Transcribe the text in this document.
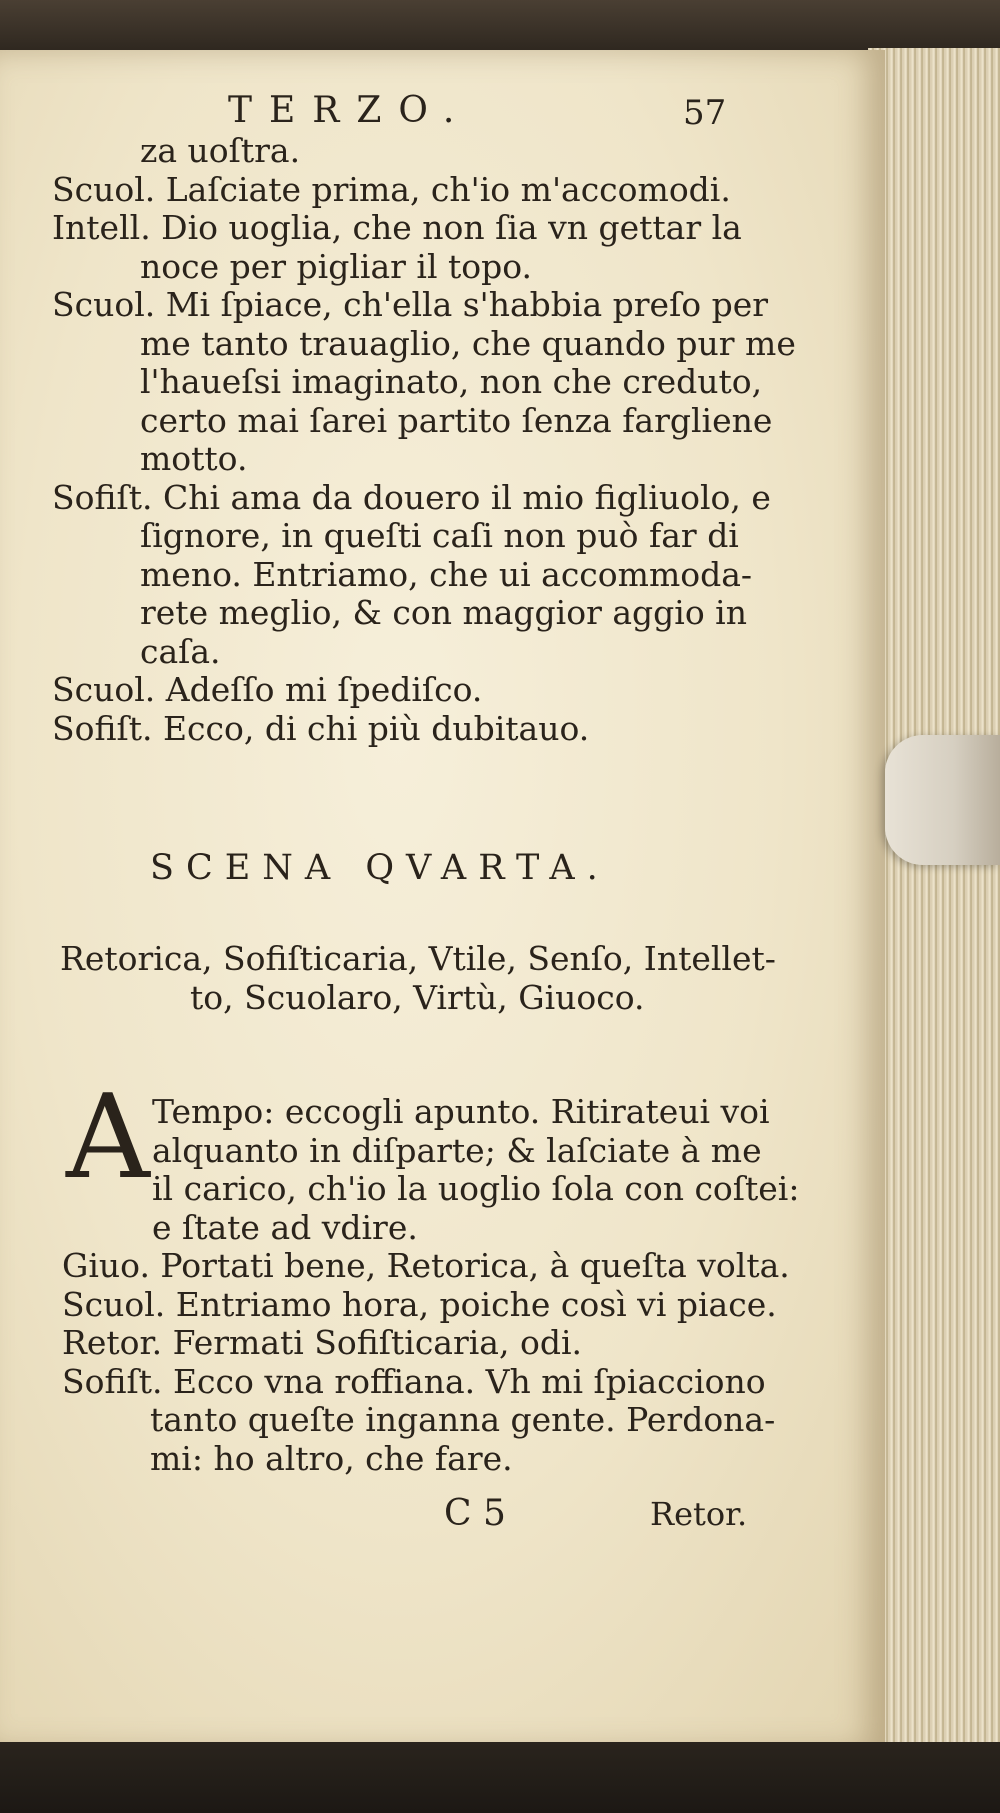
TERZO.	57
za uoſtra.
Scuol. Laſciate prima, ch'io m'accomodi.
Intell. Dio uoglia, che non ſia vn gettar la
noce per pigliar il topo.
Scuol. Mi ſpiace, ch'ella s'habbia preſo per
me tanto trauaglio, che quando pur me
l'haueſsi imaginato, non che creduto,
certo mai ſarei partito ſenza fargliene
motto.
Sofiſt. Chi ama da douero il mio figliuolo, e
ſignore, in queſti caſi non può far di
meno. Entriamo, che ui accommoda-
rete meglio, & con maggior aggio in
caſa.
Scuol. Adeſſo mi ſpediſco.
Sofiſt. Ecco, di chi più dubitauo.
SCENA QVARTA.
Retorica, Sofiſticaria, Vtile, Senſo, Intellet-
to, Scuolaro, Virtù, Giuoco.
A Tempo: eccogli apunto. Ritirateui voi
alquanto in diſparte; & laſciate à me
il carico, ch'io la uoglio ſola con coſtei:
e ſtate ad vdire.
Giuo. Portati bene, Retorica, à queſta volta.
Scuol. Entriamo hora, poiche così vi piace.
Retor. Fermati Sofiſticaria, odi.
Sofiſt. Ecco vna roffiana. Vh mi ſpiacciono
tanto queſte inganna gente. Perdona-
mi: ho altro, che fare.
C 5	Retor.
